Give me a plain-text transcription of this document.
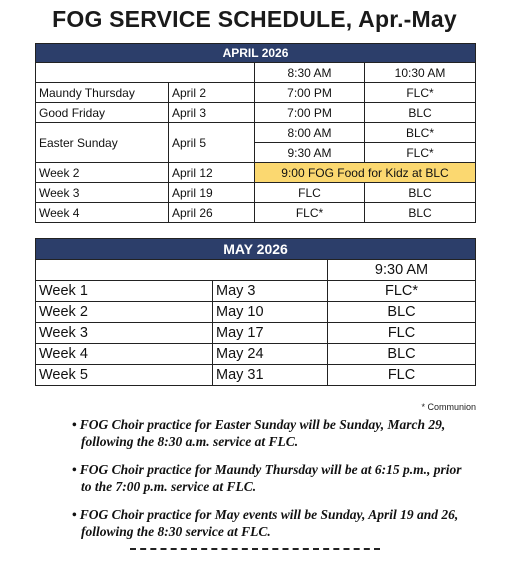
FOG SERVICE SCHEDULE, Apr.-May
APRIL 2026			
		8:30 AM	10:30 AM
Maundy Thursday	April 2	7:00 PM	FLC*
Good Friday	April 3	7:00 PM	BLC
Easter Sunday	April 5	8:00 AM	BLC*
		9:30 AM	FLC*
Week 2	April 12	9:00 FOG Food for Kidz at BLC	
Week 3	April 19	FLC	BLC
Week 4	April 26	FLC*	BLC
MAY 2026		
		9:30 AM
Week 1	May 3	FLC*
Week 2	May 10	BLC
Week 3	May 17	FLC
Week 4	May 24	BLC
Week 5	May 31	FLC
* Communion
• FOG Choir practice for Easter Sunday will be Sunday, March 29, following the 8:30 a.m. service at FLC.
• FOG Choir practice for Maundy Thursday will be at 6:15 p.m., prior to the 7:00 p.m. service at FLC.
• FOG Choir practice for May events will be Sunday, April 19 and 26, following the 8:30 service at FLC.
